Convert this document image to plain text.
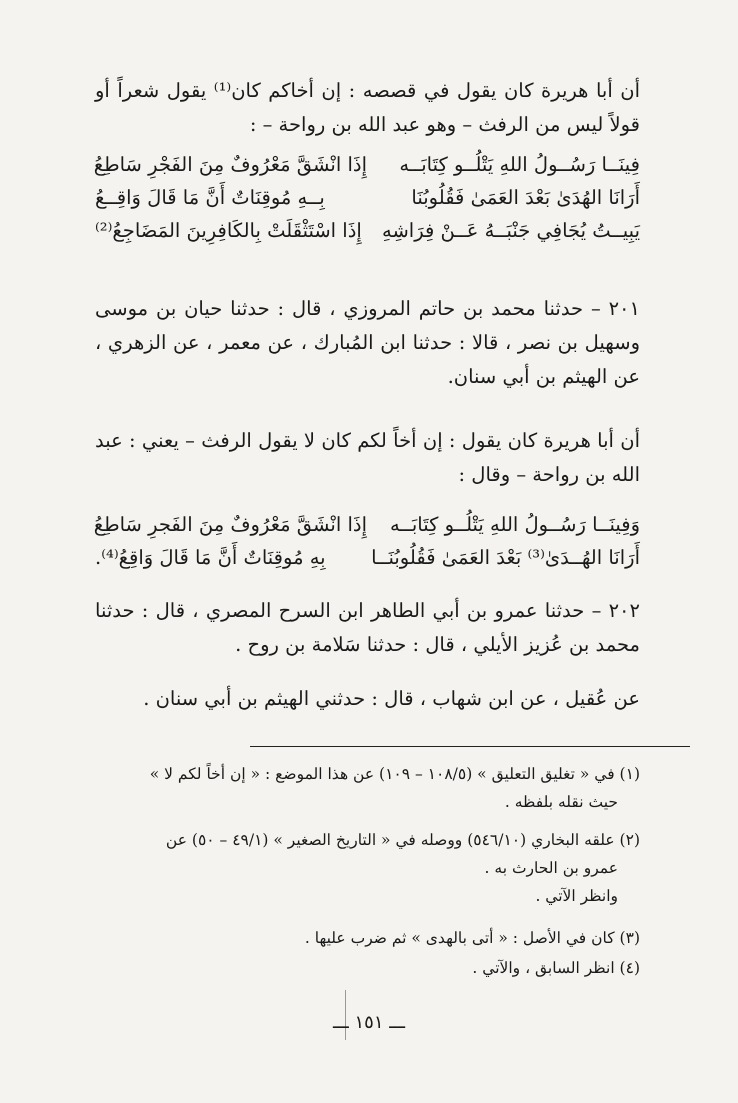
أن أبا هريرة كان يقول في قصصه : إن أخاكم كان⁽¹⁾ يقول شعراً أو قولاً ليس من الرفث – وهو عبد الله بن رواحة – :

فِينَــا رَسُــولُ اللهِ يَتْلُــو كِتَابَــه
إِذَا انْشَقَّ مَعْرُوفٌ مِنَ الفَجْرِ سَاطِعُ
أَرَانَا الهُدَىٰ بَعْدَ العَمَىٰ فَقُلُوبُنَا
بِــهِ مُوقِنَاتٌ أَنَّ مَا قَالَ وَاقِــعُ
يَبِيــتُ يُجَافِي جَنْبَــهُ عَــنْ فِرَاشِهِ
إِذَا اسْتَثْقَلَتْ بِالكَافِرِينَ المَضَاجِعُ⁽²⁾

٢٠١ – حدثنا محمد بن حاتم المروزي ، قال : حدثنا حيان بن موسى وسهيل بن نصر ، قالا : حدثنا ابن المُبارك ، عن معمر ، عن الزهري ، عن الهيثم بن أبي سنان.

أن أبا هريرة كان يقول : إن أخاً لكم كان لا يقول الرفث – يعني : عبد الله بن رواحة – وقال :

وَفِينَــا رَسُــولُ اللهِ يَتْلُــو كِتَابَــه
إِذَا انْشَقَّ مَعْرُوفٌ مِنَ الفَجرِ سَاطِعُ
أَرَانَا الهُــدَىٰ⁽³⁾ بَعْدَ العَمَىٰ فَقُلُوبُنَــا
بِهِ مُوقِنَاتٌ أَنَّ مَا قَالَ وَاقِعُ⁽⁴⁾.

٢٠٢ – حدثنا عمرو بن أبي الطاهر ابن السرح المصري ، قال : حدثنا محمد بن عُزيز الأيلي ، قال : حدثنا سَلامة بن روح .

عن عُقيل ، عن ابن شهاب ، قال : حدثني الهيثم بن أبي سنان .

(١) في « تغليق التعليق » (١٠٨/٥ – ١٠٩) عن هذا الموضع : « إن أخاً لكم لا »
حيث نقله بلفظه .
(٢) علقه البخاري (٥٤٦/١٠) ووصله في « التاريخ الصغير » (٤٩/١ – ٥٠) عن
عمرو بن الحارث به .
وانظر الآتي .
(٣) كان في الأصل : « أتى بالهدى » ثم ضرب عليها .
(٤) انظر السابق ، والآتي .
ـــ ١٥١ ـــ
